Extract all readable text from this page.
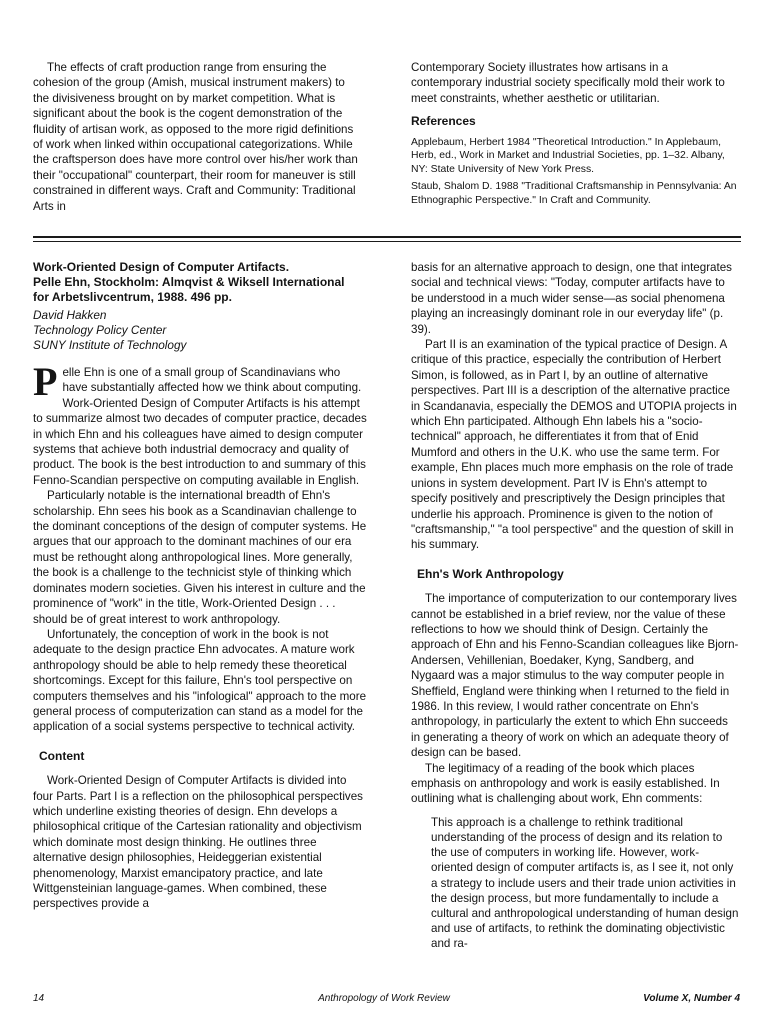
The effects of craft production range from ensuring the cohesion of the group (Amish, musical instrument makers) to the divisiveness brought on by market competition. What is significant about the book is the cogent demonstration of the fluidity of artisan work, as opposed to the more rigid definitions of work when linked within occupational categorizations. While the craftsperson does have more control over his/her work than their "occupational" counterpart, their room for maneuver is still constrained in different ways. Craft and Community: Traditional Arts in

Contemporary Society illustrates how artisans in a contemporary industrial society specifically mold their work to meet constraints, whether aesthetic or utilitarian.

References
Applebaum, Herbert 1984 "Theoretical Introduction." In Applebaum, Herb, ed., Work in Market and Industrial Societies, pp. 1–32. Albany, NY: State University of New York Press.
Staub, Shalom D. 1988 "Traditional Craftsmanship in Pennsylvania: An Ethnographic Perspective." In Craft and Community.
Work-Oriented Design of Computer Artifacts.
Pelle Ehn, Stockholm: Almqvist & Wiksell International
for Arbetslivcentrum, 1988. 496 pp.
David Hakken
Technology Policy Center
SUNY Institute of Technology

Pelle Ehn is one of a small group of Scandinavians who have substantially affected how we think about computing. Work-Oriented Design of Computer Artifacts is his attempt to summarize almost two decades of computer practice, decades in which Ehn and his colleagues have aimed to design computer systems that achieve both industrial democracy and quality of product. The book is the best introduction to and summary of this Fenno-Scandian perspective on computing available in English.

Particularly notable is the international breadth of Ehn's scholarship. Ehn sees his book as a Scandinavian challenge to the dominant conceptions of the design of computer systems. He argues that our approach to the dominant machines of our era must be rethought along anthropological lines. More generally, the book is a challenge to the technicist style of thinking which dominates modern societies. Given his interest in culture and the prominence of "work" in the title, Work-Oriented Design . . . should be of great interest to work anthropology.

Unfortunately, the conception of work in the book is not adequate to the design practice Ehn advocates. A mature work anthropology should be able to help remedy these theoretical shortcomings. Except for this failure, Ehn's tool perspective on computers themselves and his "infological" approach to the more general process of computerization can stand as a model for the application of a social systems perspective to technical activity.

Content

Work-Oriented Design of Computer Artifacts is divided into four Parts. Part I is a reflection on the philosophical perspectives which underline existing theories of design. Ehn develops a philosophical critique of the Cartesian rationality and objectivism which dominate most design thinking. He outlines three alternative design philosophies, Heideggerian existential phenomenology, Marxist emancipatory practice, and late Wittgensteinian language-games. When combined, these perspectives provide a

basis for an alternative approach to design, one that integrates social and technical views: "Today, computer artifacts have to be understood in a much wider sense—as social phenomena playing an increasingly dominant role in our everyday life" (p. 39).

Part II is an examination of the typical practice of Design. A critique of this practice, especially the contribution of Herbert Simon, is followed, as in Part I, by an outline of alternative perspectives. Part III is a description of the alternative practice in Scandanavia, especially the DEMOS and UTOPIA projects in which Ehn participated. Although Ehn labels his a "socio-technical" approach, he differentiates it from that of Enid Mumford and others in the U.K. who use the same term. For example, Ehn places much more emphasis on the role of trade unions in system development. Part IV is Ehn's attempt to specify positively and prescriptively the Design principles that underlie his approach. Prominence is given to the notion of "craftsmanship," "a tool perspective" and the question of skill in his summary.

Ehn's Work Anthropology

The importance of computerization to our contemporary lives cannot be established in a brief review, nor the value of these reflections to how we should think of Design. Certainly the approach of Ehn and his Fenno-Scandian colleagues like Bjorn-Andersen, Vehillenian, Boedaker, Kyng, Sandberg, and Nygaard was a major stimulus to the way computer people in Sheffield, England were thinking when I returned to the field in 1986. In this review, I would rather concentrate on Ehn's anthropology, in particularly the extent to which Ehn succeeds in generating a theory of work on which an adequate theory of design can be based.

The legitimacy of a reading of the book which places emphasis on anthropology and work is easily established. In outlining what is challenging about work, Ehn comments:

This approach is a challenge to rethink traditional understanding of the process of design and its relation to the use of computers in working life. However, work-oriented design of computer artifacts is, as I see it, not only a strategy to include users and their trade union activities in the design process, but more fundamentally to include a cultural and anthropological understanding of human design and use of artifacts, to rethink the dominating objectivistic and ra-

14	Anthropology of Work Review	Volume X, Number 4
